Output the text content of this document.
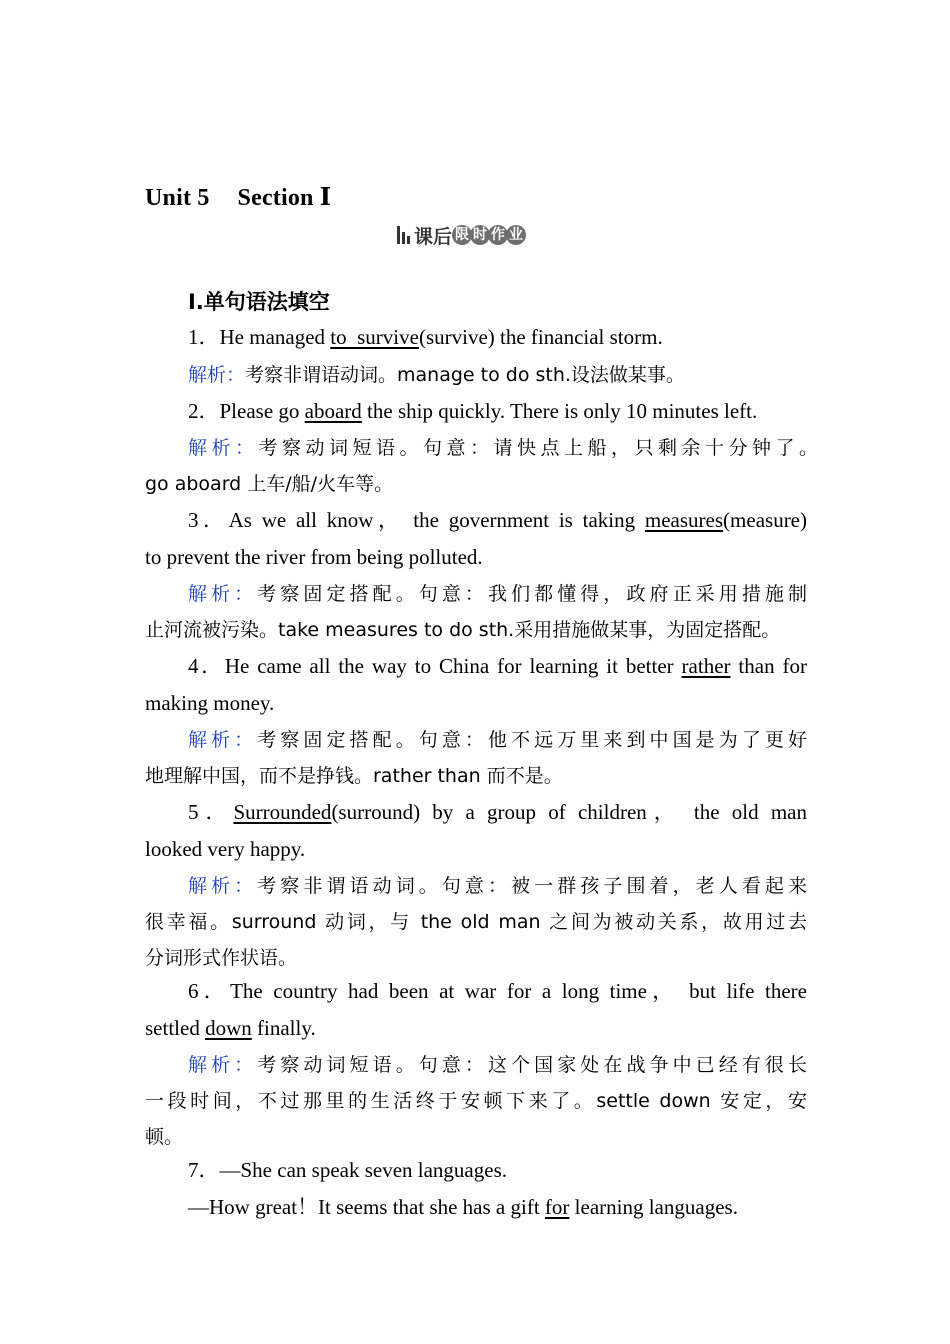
Unit 5 Section Ⅰ
课后 限 时 作 业
Ⅰ.单句语法填空
1．He managed to  survive(survive) the financial storm.
解析：考察非谓语动词。manage to do sth.设法做某事。
2．Please go aboard the ship quickly. There is only 10 minutes left.
解析：考察动词短语。句意：请快点上船，只剩余十分钟了。
go aboard 上车/船/火车等。
3．As we all know， the government is taking measures(measure)
to prevent the river from being polluted.
解析：考察固定搭配。句意：我们都懂得，政府正采用措施制
止河流被污染。take measures to do sth.采用措施做某事，为固定搭配。
4．He came all the way to China for learning it better rather than for
making money.
解析：考察固定搭配。句意：他不远万里来到中国是为了更好
地理解中国，而不是挣钱。rather than 而不是。
5．Surrounded(surround) by a group of children， the old man
looked very happy.
解析：考察非谓语动词。句意：被一群孩子围着，老人看起来
很幸福。surround 动词，与 the old man 之间为被动关系，故用过去
分词形式作状语。
6．The country had been at war for a long time， but life there
settled down finally.
解析：考察动词短语。句意：这个国家处在战争中已经有很长
一段时间，不过那里的生活终于安顿下来了。settle down 安定，安
顿。
7．—She can speak seven languages.
—How great！It seems that she has a gift for learning languages.
